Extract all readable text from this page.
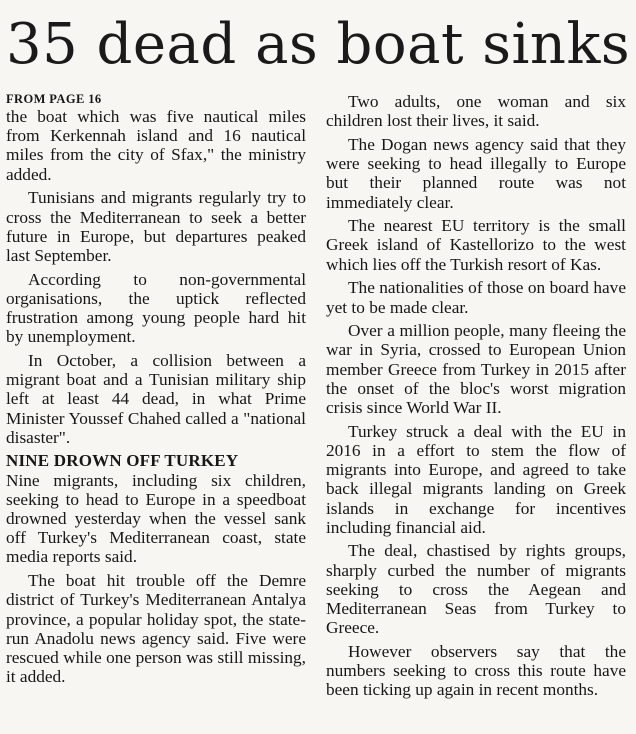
35 dead as boat sinks
FROM PAGE 16

the boat which was five nautical miles from Kerkennah island and 16 nautical miles from the city of Sfax," the ministry added.

Tunisians and migrants regularly try to cross the Mediterranean to seek a better future in Europe, but departures peaked last September.

According to non-governmental organisations, the uptick reflected frustration among young people hard hit by unemployment.

In October, a collision between a migrant boat and a Tunisian military ship left at least 44 dead, in what Prime Minister Youssef Chahed called a "national disaster".

NINE DROWN OFF TURKEY

Nine migrants, including six children, seeking to head to Europe in a speedboat drowned yesterday when the vessel sank off Turkey's Mediterranean coast, state media reports said.

The boat hit trouble off the Demre district of Turkey's Mediterranean Antalya province, a popular holiday spot, the state-run Anadolu news agency said. Five were rescued while one person was still missing, it added.

Two adults, one woman and six children lost their lives, it said.

The Dogan news agency said that they were seeking to head illegally to Europe but their planned route was not immediately clear.

The nearest EU territory is the small Greek island of Kastellorizo to the west which lies off the Turkish resort of Kas.

The nationalities of those on board have yet to be made clear.

Over a million people, many fleeing the war in Syria, crossed to European Union member Greece from Turkey in 2015 after the onset of the bloc's worst migration crisis since World War II.

Turkey struck a deal with the EU in 2016 in a effort to stem the flow of migrants into Europe, and agreed to take back illegal migrants landing on Greek islands in exchange for incentives including financial aid.

The deal, chastised by rights groups, sharply curbed the number of migrants seeking to cross the Aegean and Mediterranean Seas from Turkey to Greece.

However observers say that the numbers seeking to cross this route have been ticking up again in recent months.
